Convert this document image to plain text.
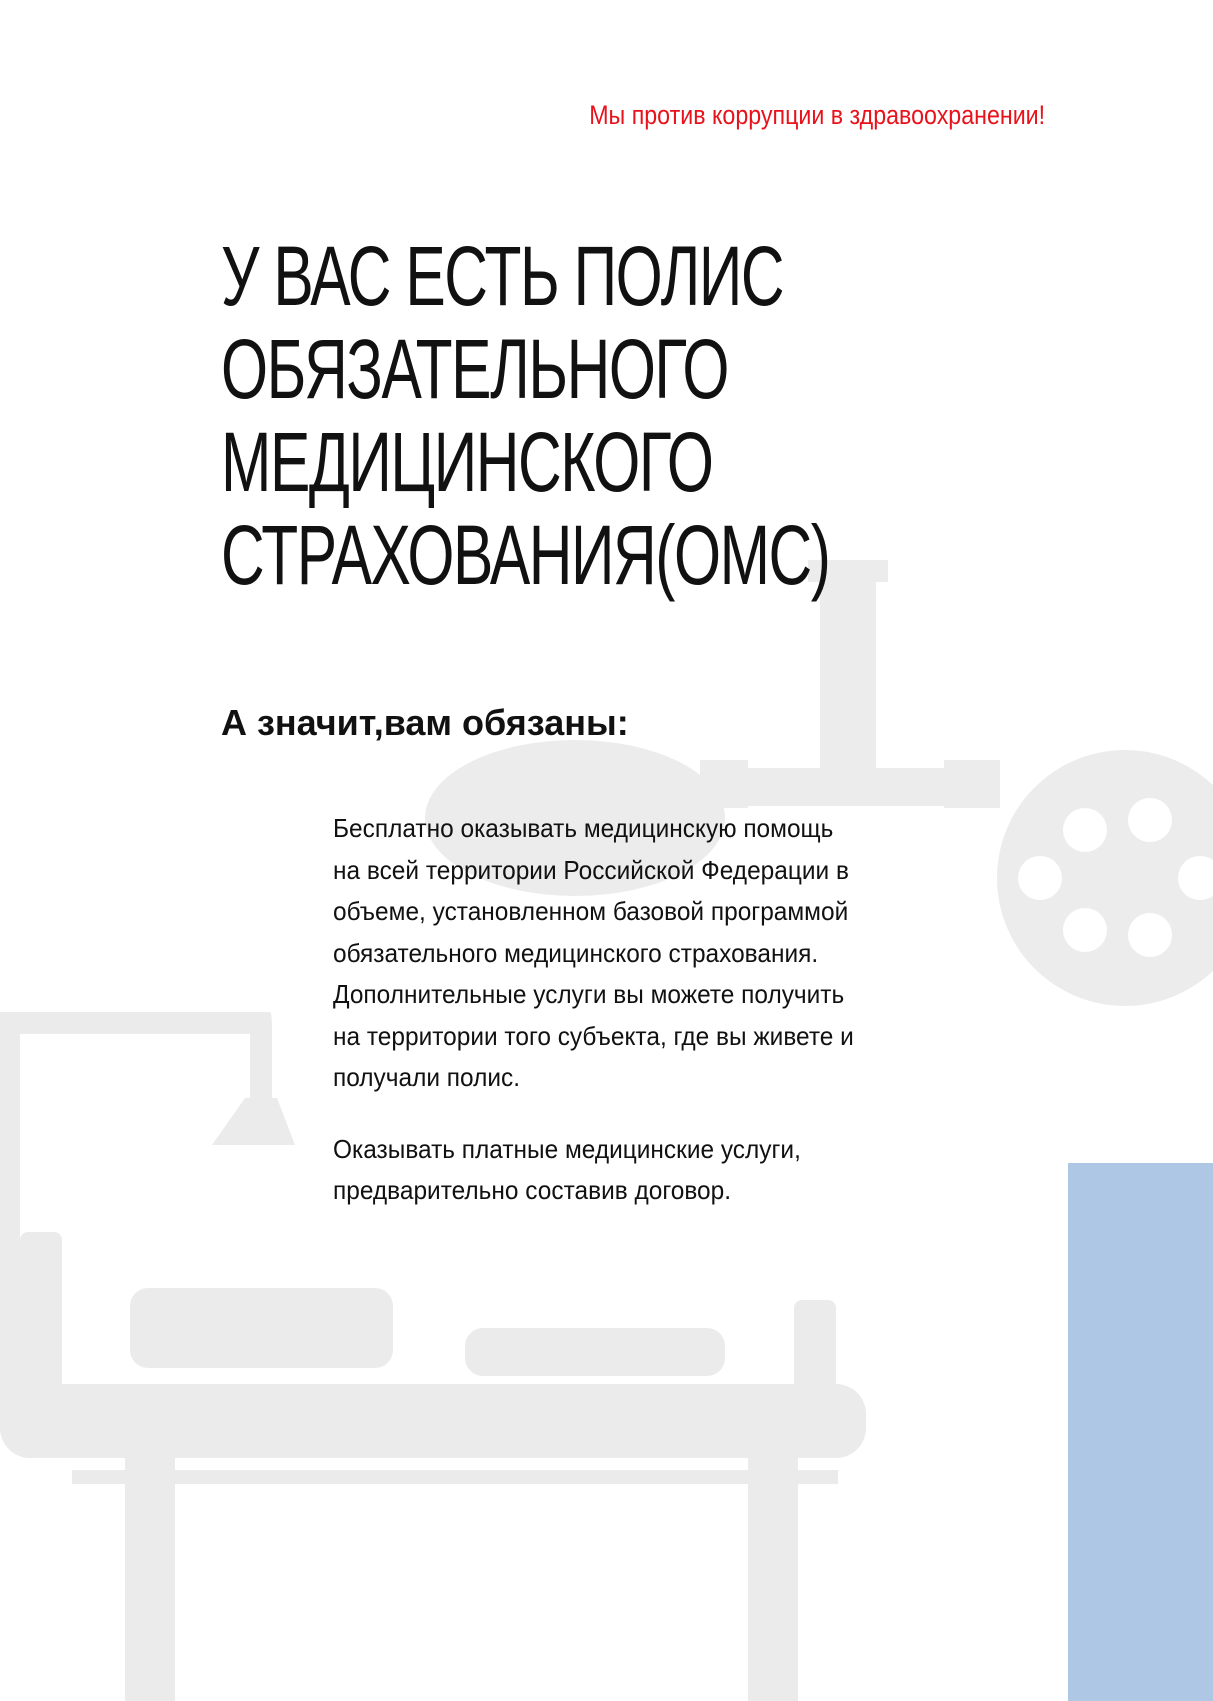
Мы против коррупции в здравоохранении!
У ВАС ЕСТЬ ПОЛИС
ОБЯЗАТЕЛЬНОГО
МЕДИЦИНСКОГО
СТРАХОВАНИЯ(ОМС)
А значит,вам обязаны:

Бесплатно оказывать медицинскую помощь на всей территории Российской Федерации в объеме, установленном базовой программой обязательного медицинского страхования. Дополнительные услуги вы можете получить на территории того субъекта, где вы живете и получали полис.

Оказывать платные медицинские услуги, предварительно составив договор.
